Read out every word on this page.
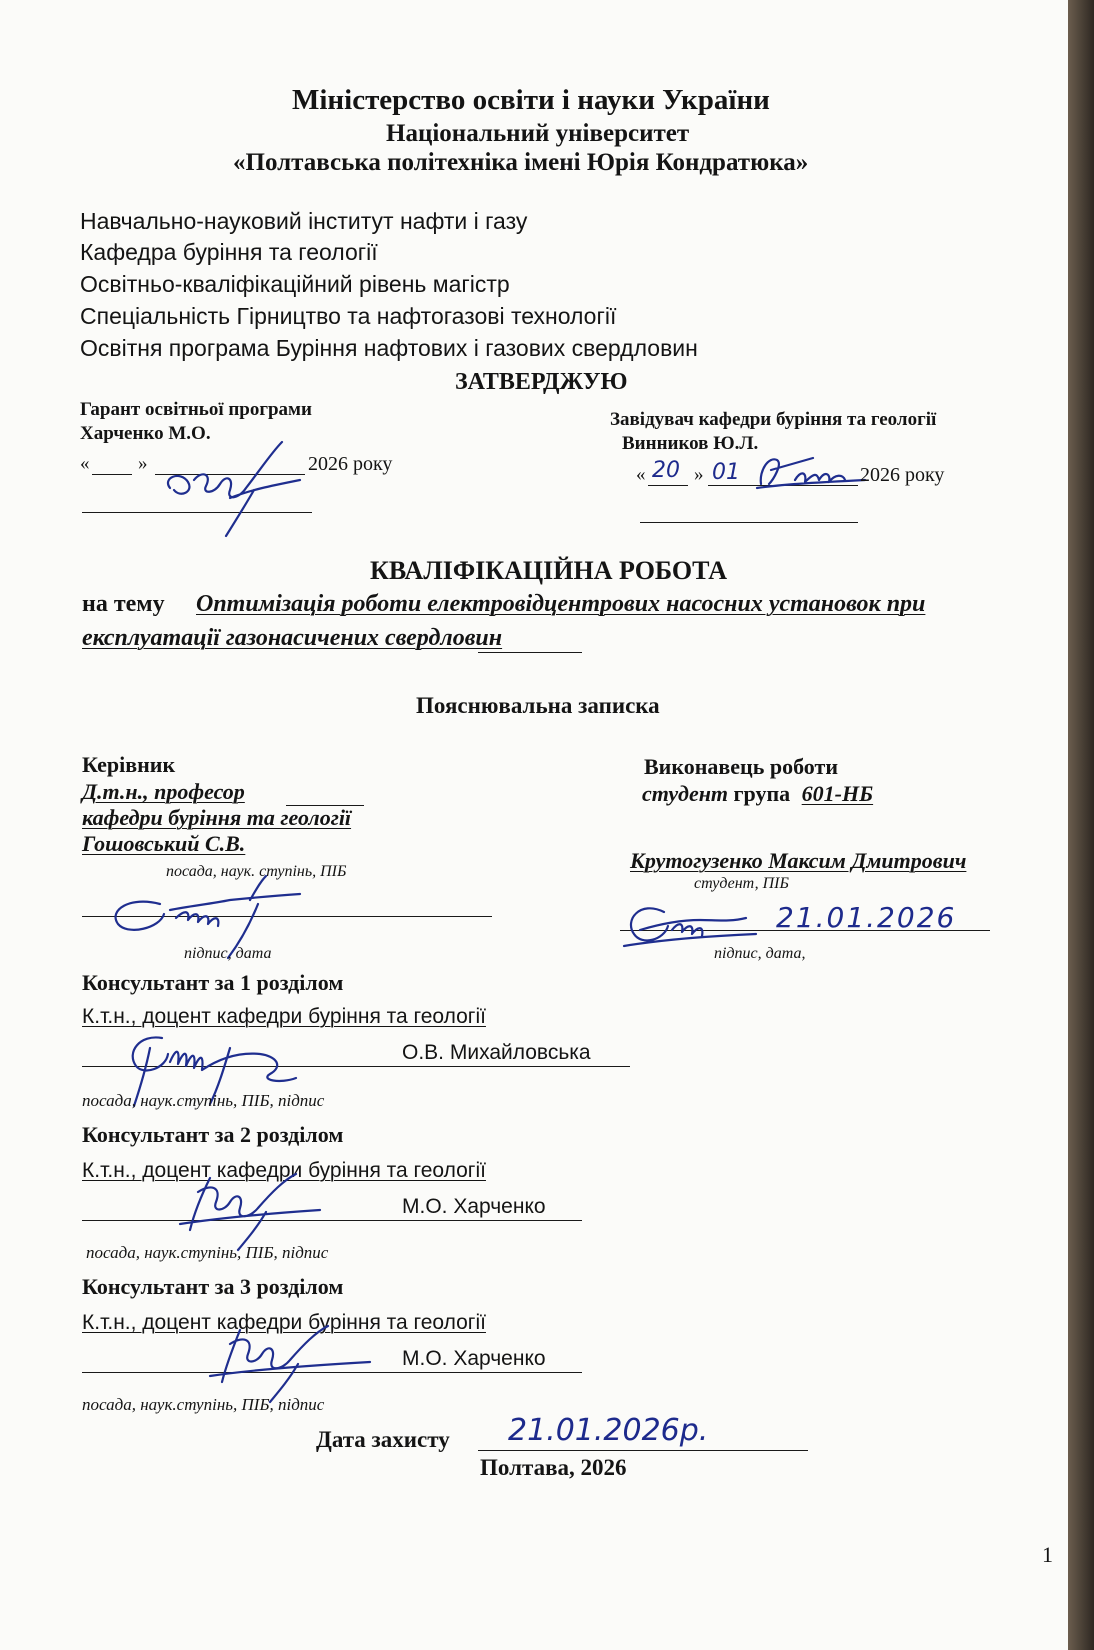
Міністерство освіти і науки України
Національний університет
«Полтавська політехніка імені Юрія Кондратюка»
Навчально-науковий інститут нафти і газу
Кафедра буріння та геології
Освітньо-кваліфікаційний рівень магістр
Спеціальність Гірництво та нафтогазові технології
Освітня програма Буріння нафтових і газових свердловин
ЗАТВЕРДЖУЮ
Гарант освітньої програми
Харченко М.О.
«	»	2026 року
Завідувач кафедри буріння та геології
Винников Ю.Л.
« 20 » 01	2026 року
КВАЛІФІКАЦІЙНА РОБОТА
на тему Оптимізація роботи електровідцентрових насосних установок при
експлуатації газонасичених свердловин
Пояснювальна записка
Керівник
Д.т.н., професор
кафедри буріння та геології
Гошовський С.В.
посада, наук. ступінь, ПІБ
підпис, дата
Виконавець роботи
студент група 601-НБ
Крутогузенко Максим Дмитрович
студент, ПІБ
21.01.2026
підпис, дата,
Консультант за 1 розділом
К.т.н., доцент кафедри буріння та геології
О.В. Михайловська
посада, наук.ступінь, ПІБ, підпис
Консультант за 2 розділом
К.т.н., доцент кафедри буріння та геології
М.О. Харченко
посада, наук.ступінь, ПІБ, підпис
Консультант за 3 розділом
К.т.н., доцент кафедри буріння та геології
М.О. Харченко
посада, наук.ступінь, ПІБ, підпис
Дата захисту 21.01.2026р.
Полтава, 2026
1
